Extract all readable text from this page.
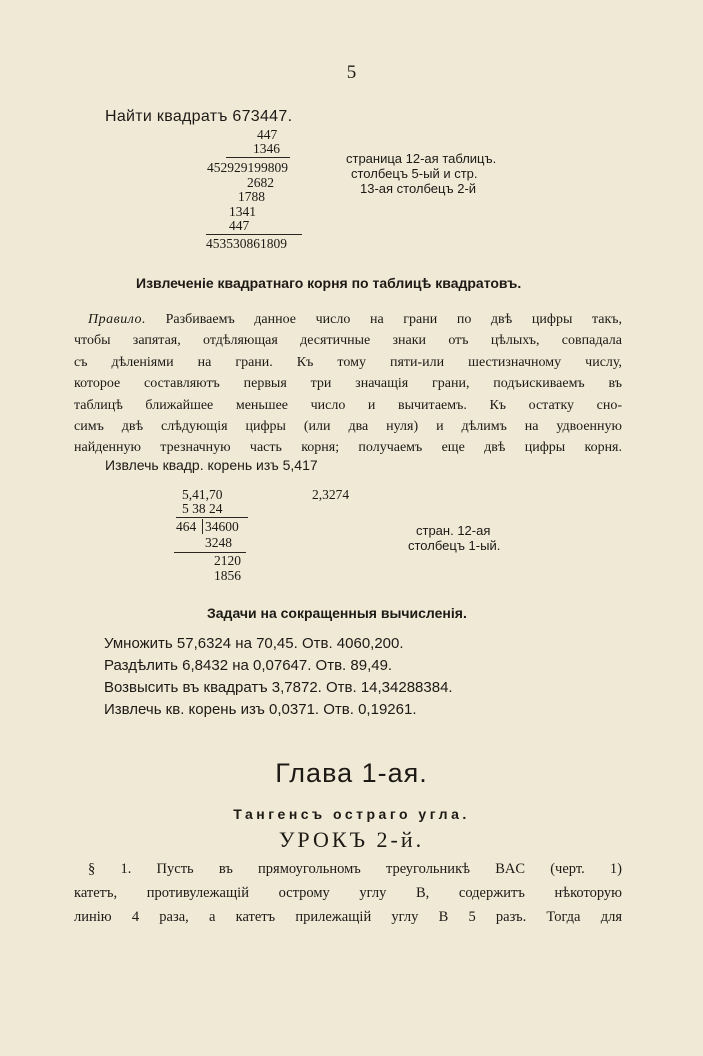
5
Найти квадратъ 673447.
447
1346
452929199809
2682
1788
1341
447
453530861809
страница 12-ая таблицъ.
столбецъ 5-ый и стр.
13-ая столбецъ 2-й
Извлеченіе квадратнаго корня по таблицѣ квадратовъ.
Правило. Разбиваемъ данное число на грани по двѣ цифры такъ,
чтобы запятая, отдѣляющая десятичные знаки отъ цѣлыхъ, совпадала
съ дѣленіями на грани. Къ тому пяти-или шестизначному числу,
которое составляютъ первыя три значащія грани, подъискиваемъ въ
таблицѣ ближайшее меньшее число и вычитаемъ. Къ остатку сно-
симъ двѣ слѣдующія цифры (или два нуля) и дѣлимъ на удвоенную
найденную трезначную часть корня; получаемъ еще двѣ цифры корня.
Извлечь квадр. корень изъ 5,417
5,41,70	2,3274
5 38 24
464 34600
3248
2120
1856
стран. 12-ая
столбецъ 1-ый.
Задачи на сокращенныя вычисленія.
Умножить 57,6324 на 70,45. Отв. 4060,200.
Раздѣлить 6,8432 на 0,07647. Отв. 89,49.
Возвысить въ квадратъ 3,7872. Отв. 14,34288384.
Извлечь кв. корень изъ 0,0371. Отв. 0,19261.
Глава 1-ая.
Тангенсъ остраго угла.
УРОКЪ 2-й.
§ 1. Пусть въ прямоугольномъ треугольникѣ BAC (черт. 1)
катетъ, противулежащій острому углу B, содержитъ нѣкоторую
линію 4 раза, а катетъ прилежащій углу B 5 разъ. Тогда для
